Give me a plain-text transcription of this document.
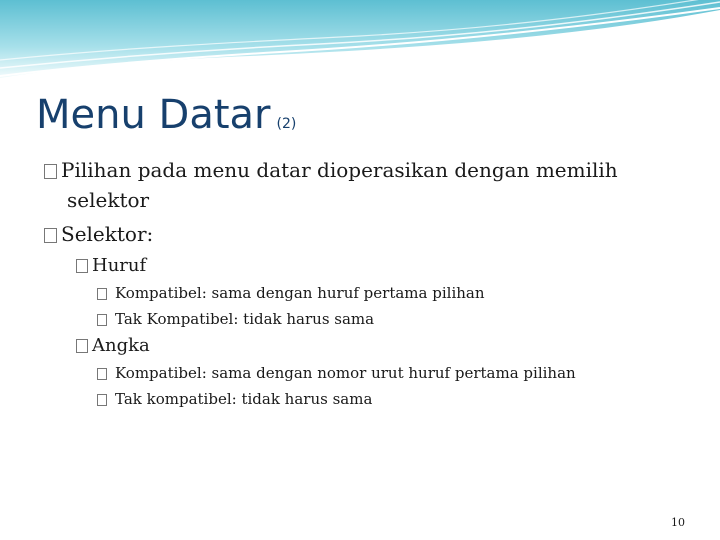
Menu Datar (2)
Pilihan pada menu datar dioperasikan dengan memilih
selektor
Selektor:
Huruf
Kompatibel: sama dengan huruf pertama pilihan
Tak Kompatibel: tidak harus sama
Angka
Kompatibel: sama dengan nomor urut huruf pertama pilihan
Tak kompatibel: tidak harus sama
10
